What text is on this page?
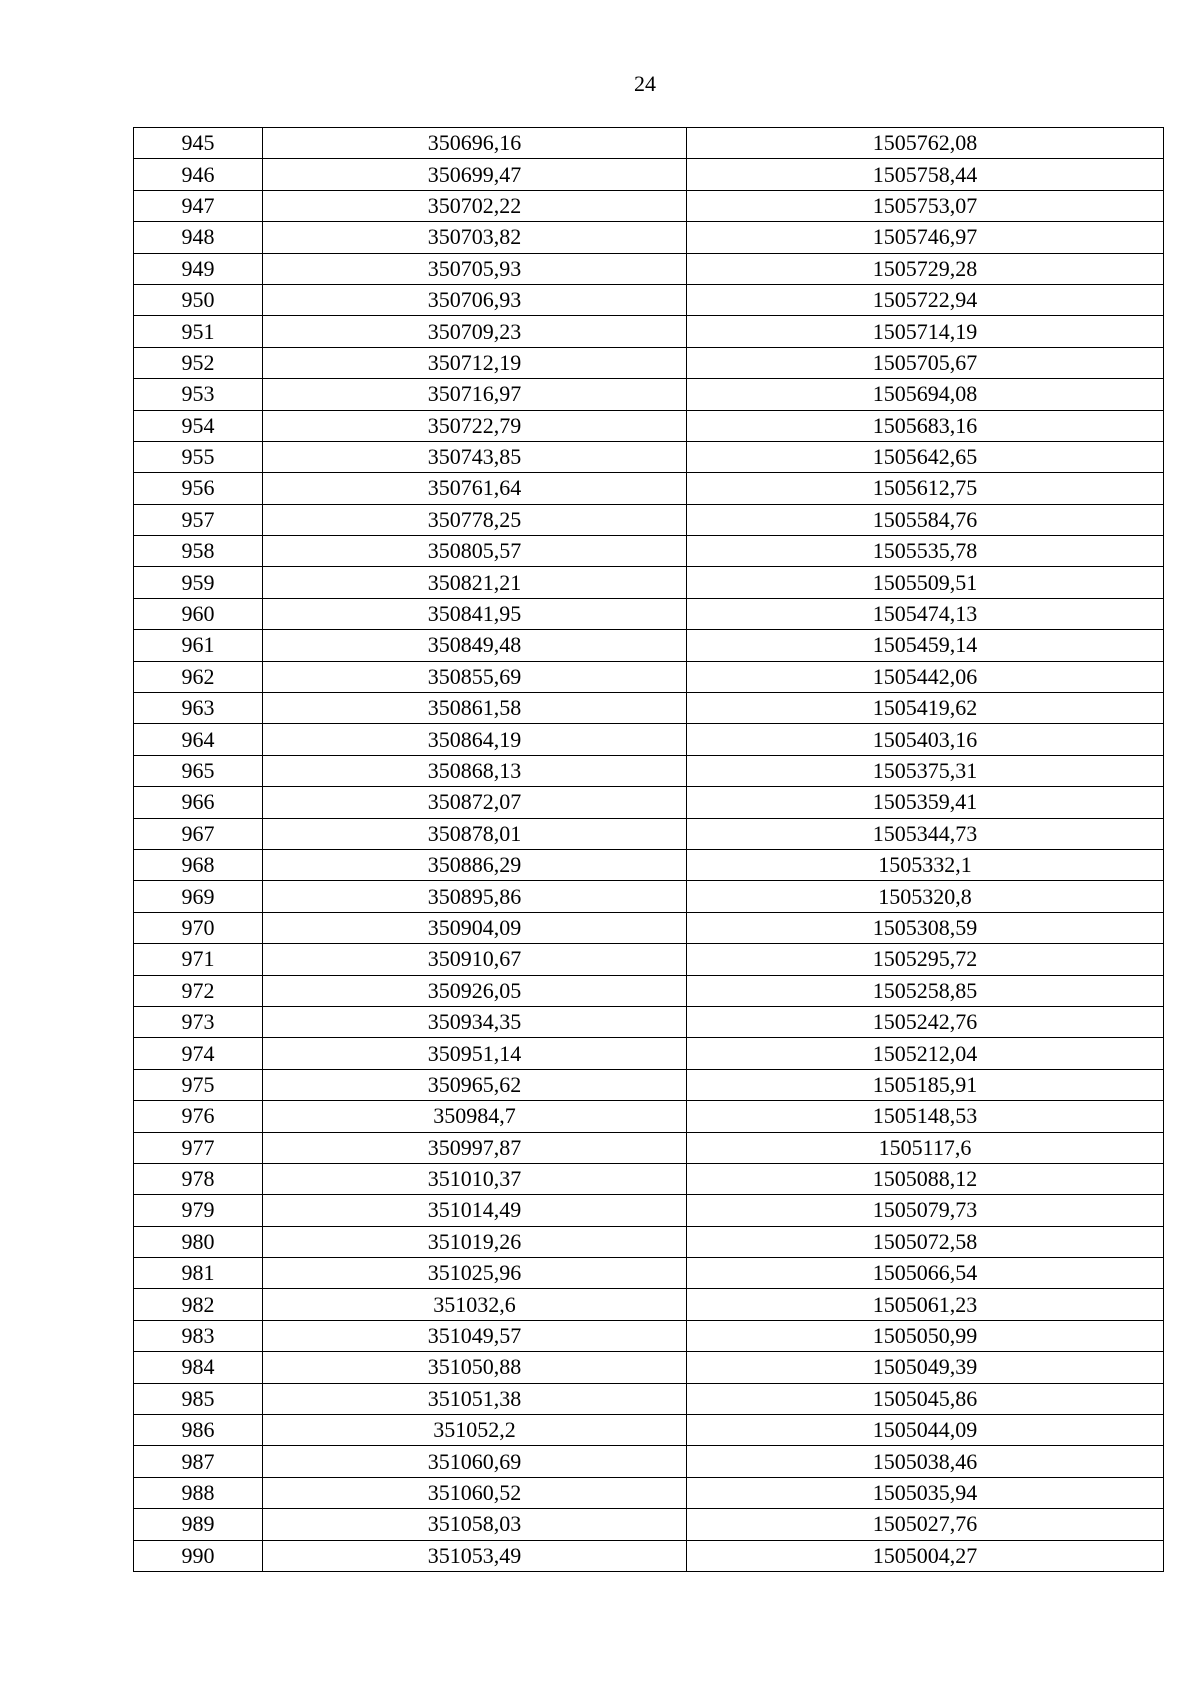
24
945	350696,16	1505762,08
946	350699,47	1505758,44
947	350702,22	1505753,07
948	350703,82	1505746,97
949	350705,93	1505729,28
950	350706,93	1505722,94
951	350709,23	1505714,19
952	350712,19	1505705,67
953	350716,97	1505694,08
954	350722,79	1505683,16
955	350743,85	1505642,65
956	350761,64	1505612,75
957	350778,25	1505584,76
958	350805,57	1505535,78
959	350821,21	1505509,51
960	350841,95	1505474,13
961	350849,48	1505459,14
962	350855,69	1505442,06
963	350861,58	1505419,62
964	350864,19	1505403,16
965	350868,13	1505375,31
966	350872,07	1505359,41
967	350878,01	1505344,73
968	350886,29	1505332,1
969	350895,86	1505320,8
970	350904,09	1505308,59
971	350910,67	1505295,72
972	350926,05	1505258,85
973	350934,35	1505242,76
974	350951,14	1505212,04
975	350965,62	1505185,91
976	350984,7	1505148,53
977	350997,87	1505117,6
978	351010,37	1505088,12
979	351014,49	1505079,73
980	351019,26	1505072,58
981	351025,96	1505066,54
982	351032,6	1505061,23
983	351049,57	1505050,99
984	351050,88	1505049,39
985	351051,38	1505045,86
986	351052,2	1505044,09
987	351060,69	1505038,46
988	351060,52	1505035,94
989	351058,03	1505027,76
990	351053,49	1505004,27
